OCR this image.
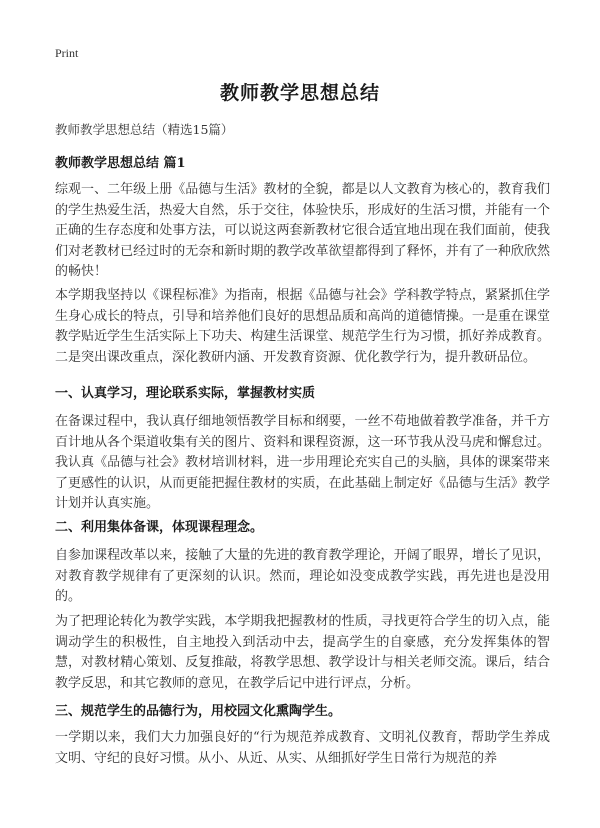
Print
教师教学思想总结
教师教学思想总结（精选15篇）
教师教学思想总结 篇1

综观一、二年级上册《品德与生活》教材的全貌，都是以人文教育为核心的，教育我们的学生热爱生活，热爱大自然，乐于交往，体验快乐，形成好的生活习惯，并能有一个正确的生存态度和处事方法，可以说这两套新教材它很合适宜地出现在我们面前，使我们对老教材已经过时的无奈和新时期的教学改革欲望都得到了释怀，并有了一种欣欣然的畅快！

本学期我坚持以《课程标准》为指南，根据《品德与社会》学科教学特点，紧紧抓住学生身心成长的特点，引导和培养他们良好的思想品质和高尚的道德情操。一是重在课堂教学贴近学生生活实际上下功夫、构建生活课堂、规范学生行为习惯，抓好养成教育。二是突出课改重点，深化教研内涵、开发教育资源、优化教学行为，提升教研品位。

一、认真学习，理论联系实际，掌握教材实质

在备课过程中，我认真仔细地领悟教学目标和纲要，一丝不苟地做着教学准备，并千方百计地从各个渠道收集有关的图片、资料和课程资源，这一环节我从没马虎和懈怠过。我认真《品德与社会》教材培训材料，进一步用理论充实自己的头脑，具体的课案带来了更感性的认识，从而更能把握住教材的实质，在此基础上制定好《品德与生活》教学计划并认真实施。

二、利用集体备课，体现课程理念。

自参加课程改革以来，接触了大量的先进的教育教学理论，开阔了眼界，增长了见识，对教育教学规律有了更深刻的认识。然而，理论如没变成教学实践，再先进也是没用的。

为了把理论转化为教学实践，本学期我把握教材的性质，寻找更符合学生的切入点，能调动学生的积极性，自主地投入到活动中去，提高学生的自豪感，充分发挥集体的智慧，对教材精心策划、反复推敲，将教学思想、教学设计与相关老师交流。课后，结合教学反思，和其它教师的意见，在教学后记中进行评点，分析。

三、规范学生的品德行为，用校园文化熏陶学生。

一学期以来，我们大力加强良好的“行为规范养成教育、文明礼仪教育，帮助学生养成文明、守纪的良好习惯。从小、从近、从实、从细抓好学生日常行为规范的养
